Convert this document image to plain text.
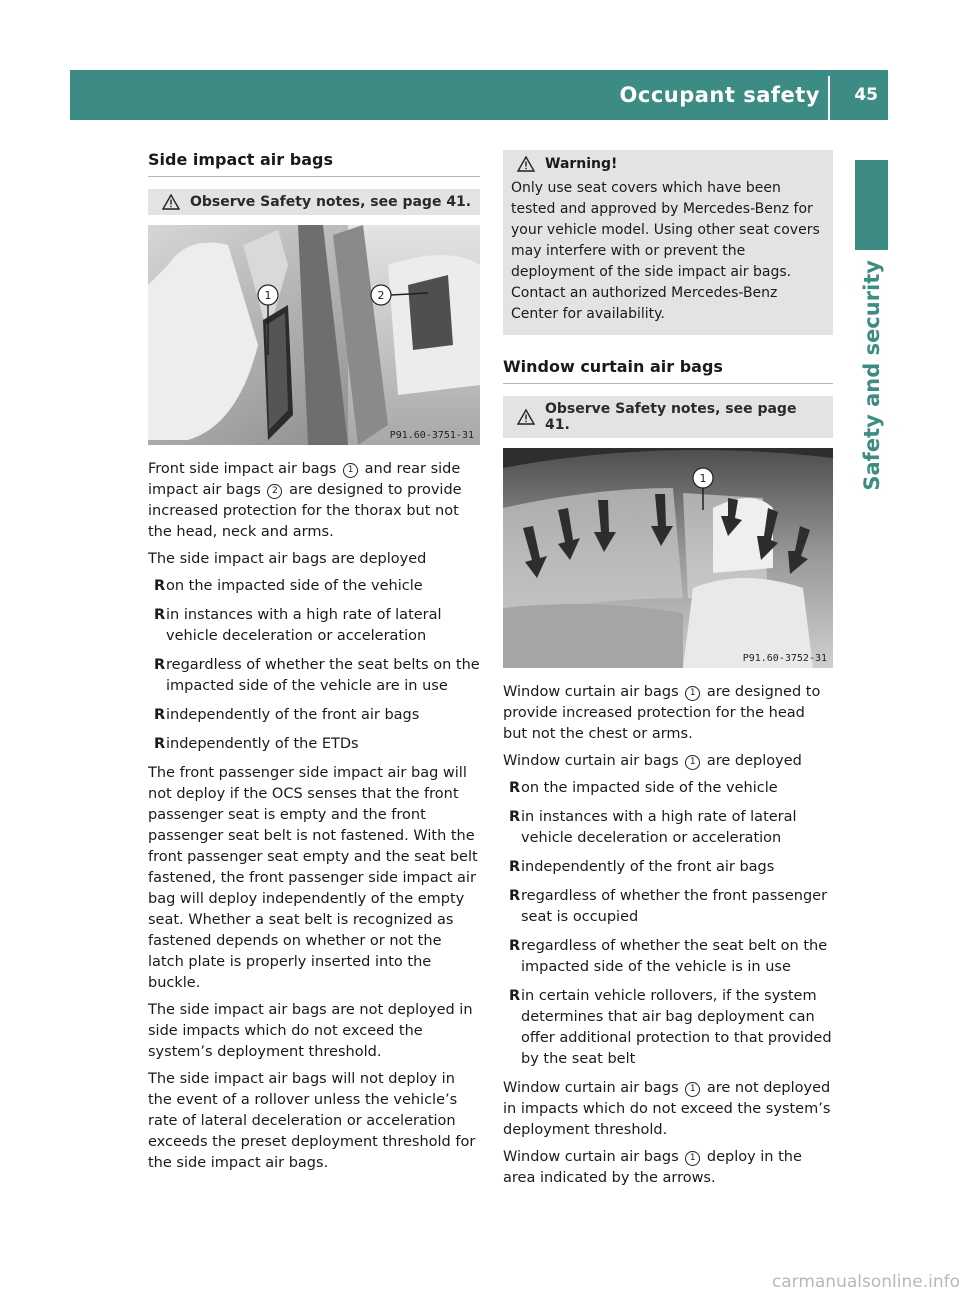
Occupant safety 45
Safety and security
Side impact air bags
Observe Safety notes, see page 41.
1	2
P91.60-3751-31

Front side impact air bags 1 and rear side impact air bags 2 are designed to provide increased protection for the thorax but not the head, neck and arms.

The side impact air bags are deployed

R on the impacted side of the vehicle
R in instances with a high rate of lateral vehicle deceleration or acceleration
R regardless of whether the seat belts on the impacted side of the vehicle are in use
R independently of the front air bags
R independently of the ETDs

The front passenger side impact air bag will not deploy if the OCS senses that the front passenger seat is empty and the front passenger seat belt is not fastened. With the front passenger seat empty and the seat belt fastened, the front passenger side impact air bag will deploy independently of the empty seat. Whether a seat belt is recognized as fastened depends on whether or not the latch plate is properly inserted into the buckle.

The side impact air bags are not deployed in side impacts which do not exceed the system’s deployment threshold.

The side impact air bags will not deploy in the event of a rollover unless the vehicle’s rate of lateral deceleration or acceleration exceeds the preset deployment threshold for the side impact air bags.

Warning!

Only use seat covers which have been tested and approved by Mercedes-Benz for your vehicle model. Using other seat covers may interfere with or prevent the deployment of the side impact air bags. Contact an authorized Mercedes-Benz Center for availability.

Window curtain air bags
Observe Safety notes, see page 41.
1
P91.60-3752-31

Window curtain air bags 1 are designed to provide increased protection for the head but not the chest or arms.

Window curtain air bags 1 are deployed

R on the impacted side of the vehicle
R in instances with a high rate of lateral vehicle deceleration or acceleration
R independently of the front air bags
R regardless of whether the front passenger seat is occupied
R regardless of whether the seat belt on the impacted side of the vehicle is in use
R in certain vehicle rollovers, if the system determines that air bag deployment can offer additional protection to that provided by the seat belt

Window curtain air bags 1 are not deployed in impacts which do not exceed the system’s deployment threshold.

Window curtain air bags 1 deploy in the area indicated by the arrows.

carmanualsonline.info
